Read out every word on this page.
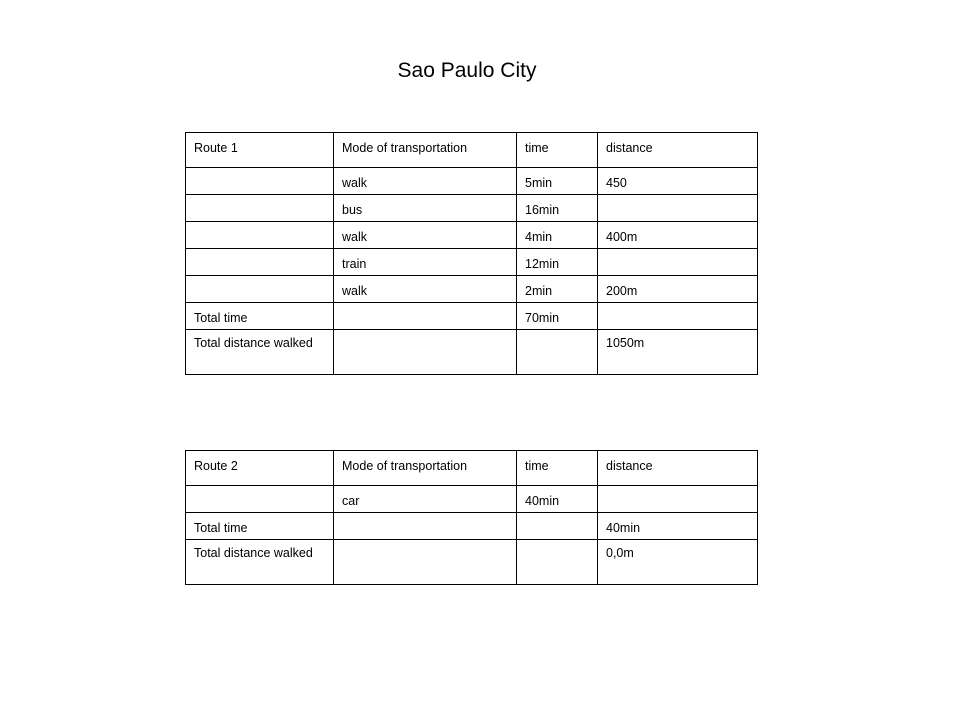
Sao Paulo City
Route 1	Mode of transportation	time	distance
	walk	5min	450
	bus	16min	
	walk	4min	400m
	train	12min	
	walk	2min	200m
Total time		70min	
Total distance walked			1050m
Route 2	Mode of transportation	time	distance
	car	40min	
Total time			40min
Total distance walked			0,0m
